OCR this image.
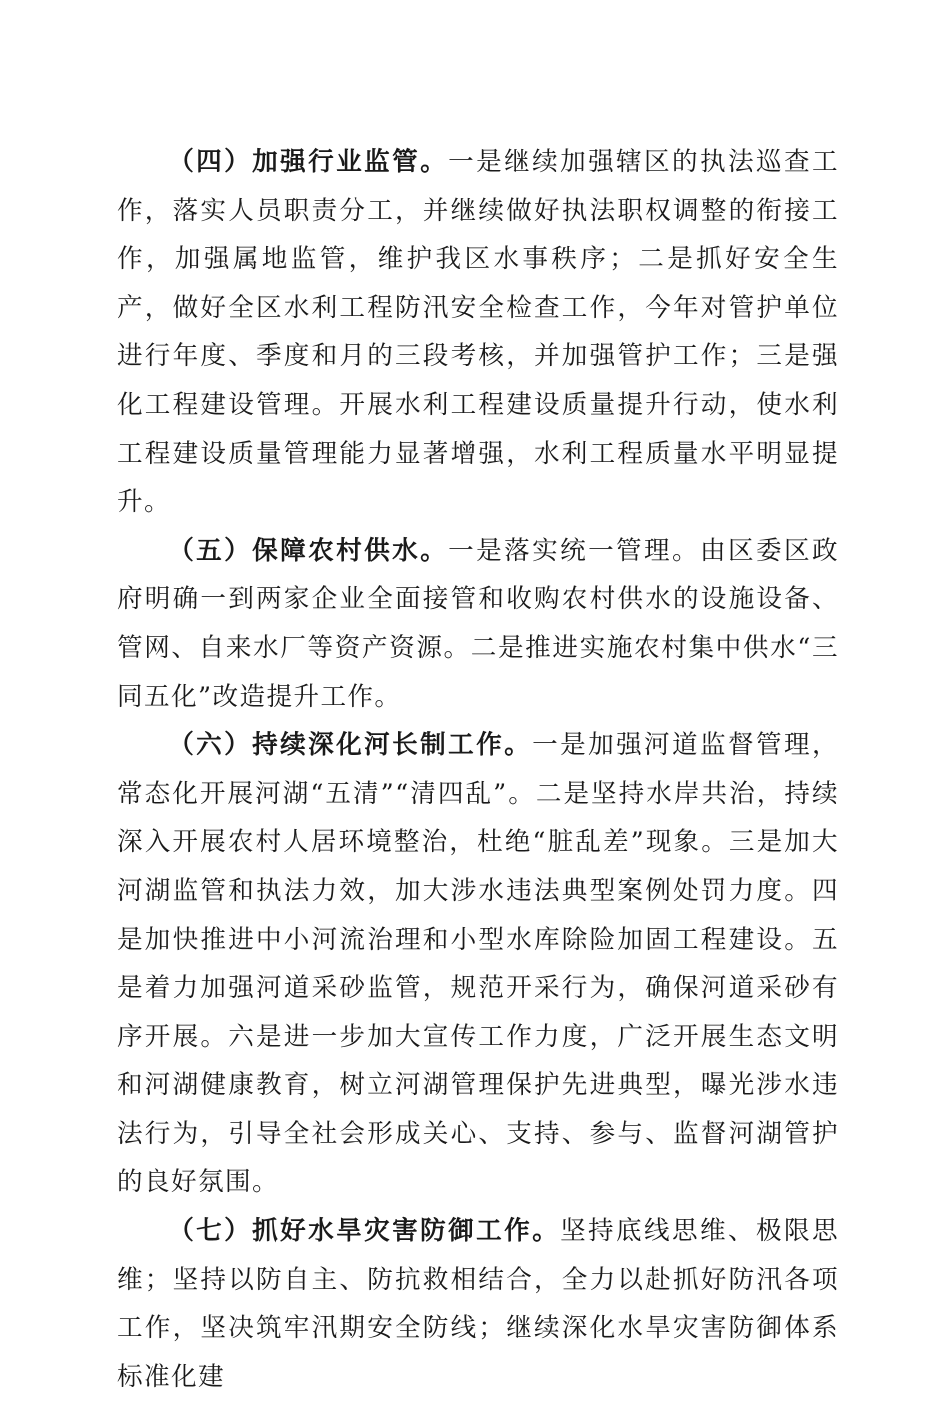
（四）加强行业监管。一是继续加强辖区的执法巡查工作，落实人员职责分工，并继续做好执法职权调整的衔接工作，加强属地监管，维护我区水事秩序；二是抓好安全生产，做好全区水利工程防汛安全检查工作，今年对管护单位进行年度、季度和月的三段考核，并加强管护工作；三是强化工程建设管理。开展水利工程建设质量提升行动，使水利工程建设质量管理能力显著增强，水利工程质量水平明显提升。

（五）保障农村供水。一是落实统一管理。由区委区政府明确一到两家企业全面接管和收购农村供水的设施设备、管网、自来水厂等资产资源。二是推进实施农村集中供水“三同五化”改造提升工作。

（六）持续深化河长制工作。一是加强河道监督管理，常态化开展河湖“五清”“清四乱”。二是坚持水岸共治，持续深入开展农村人居环境整治，杜绝“脏乱差”现象。三是加大河湖监管和执法力效，加大涉水违法典型案例处罚力度。四是加快推进中小河流治理和小型水库除险加固工程建设。五是着力加强河道采砂监管，规范开采行为，确保河道采砂有序开展。六是进一步加大宣传工作力度，广泛开展生态文明和河湖健康教育，树立河湖管理保护先进典型，曝光涉水违法行为，引导全社会形成关心、支持、参与、监督河湖管护的良好氛围。

（七）抓好水旱灾害防御工作。坚持底线思维、极限思维；坚持以防自主、防抗救相结合，全力以赴抓好防汛各项工作，坚决筑牢汛期安全防线；继续深化水旱灾害防御体系标准化建
